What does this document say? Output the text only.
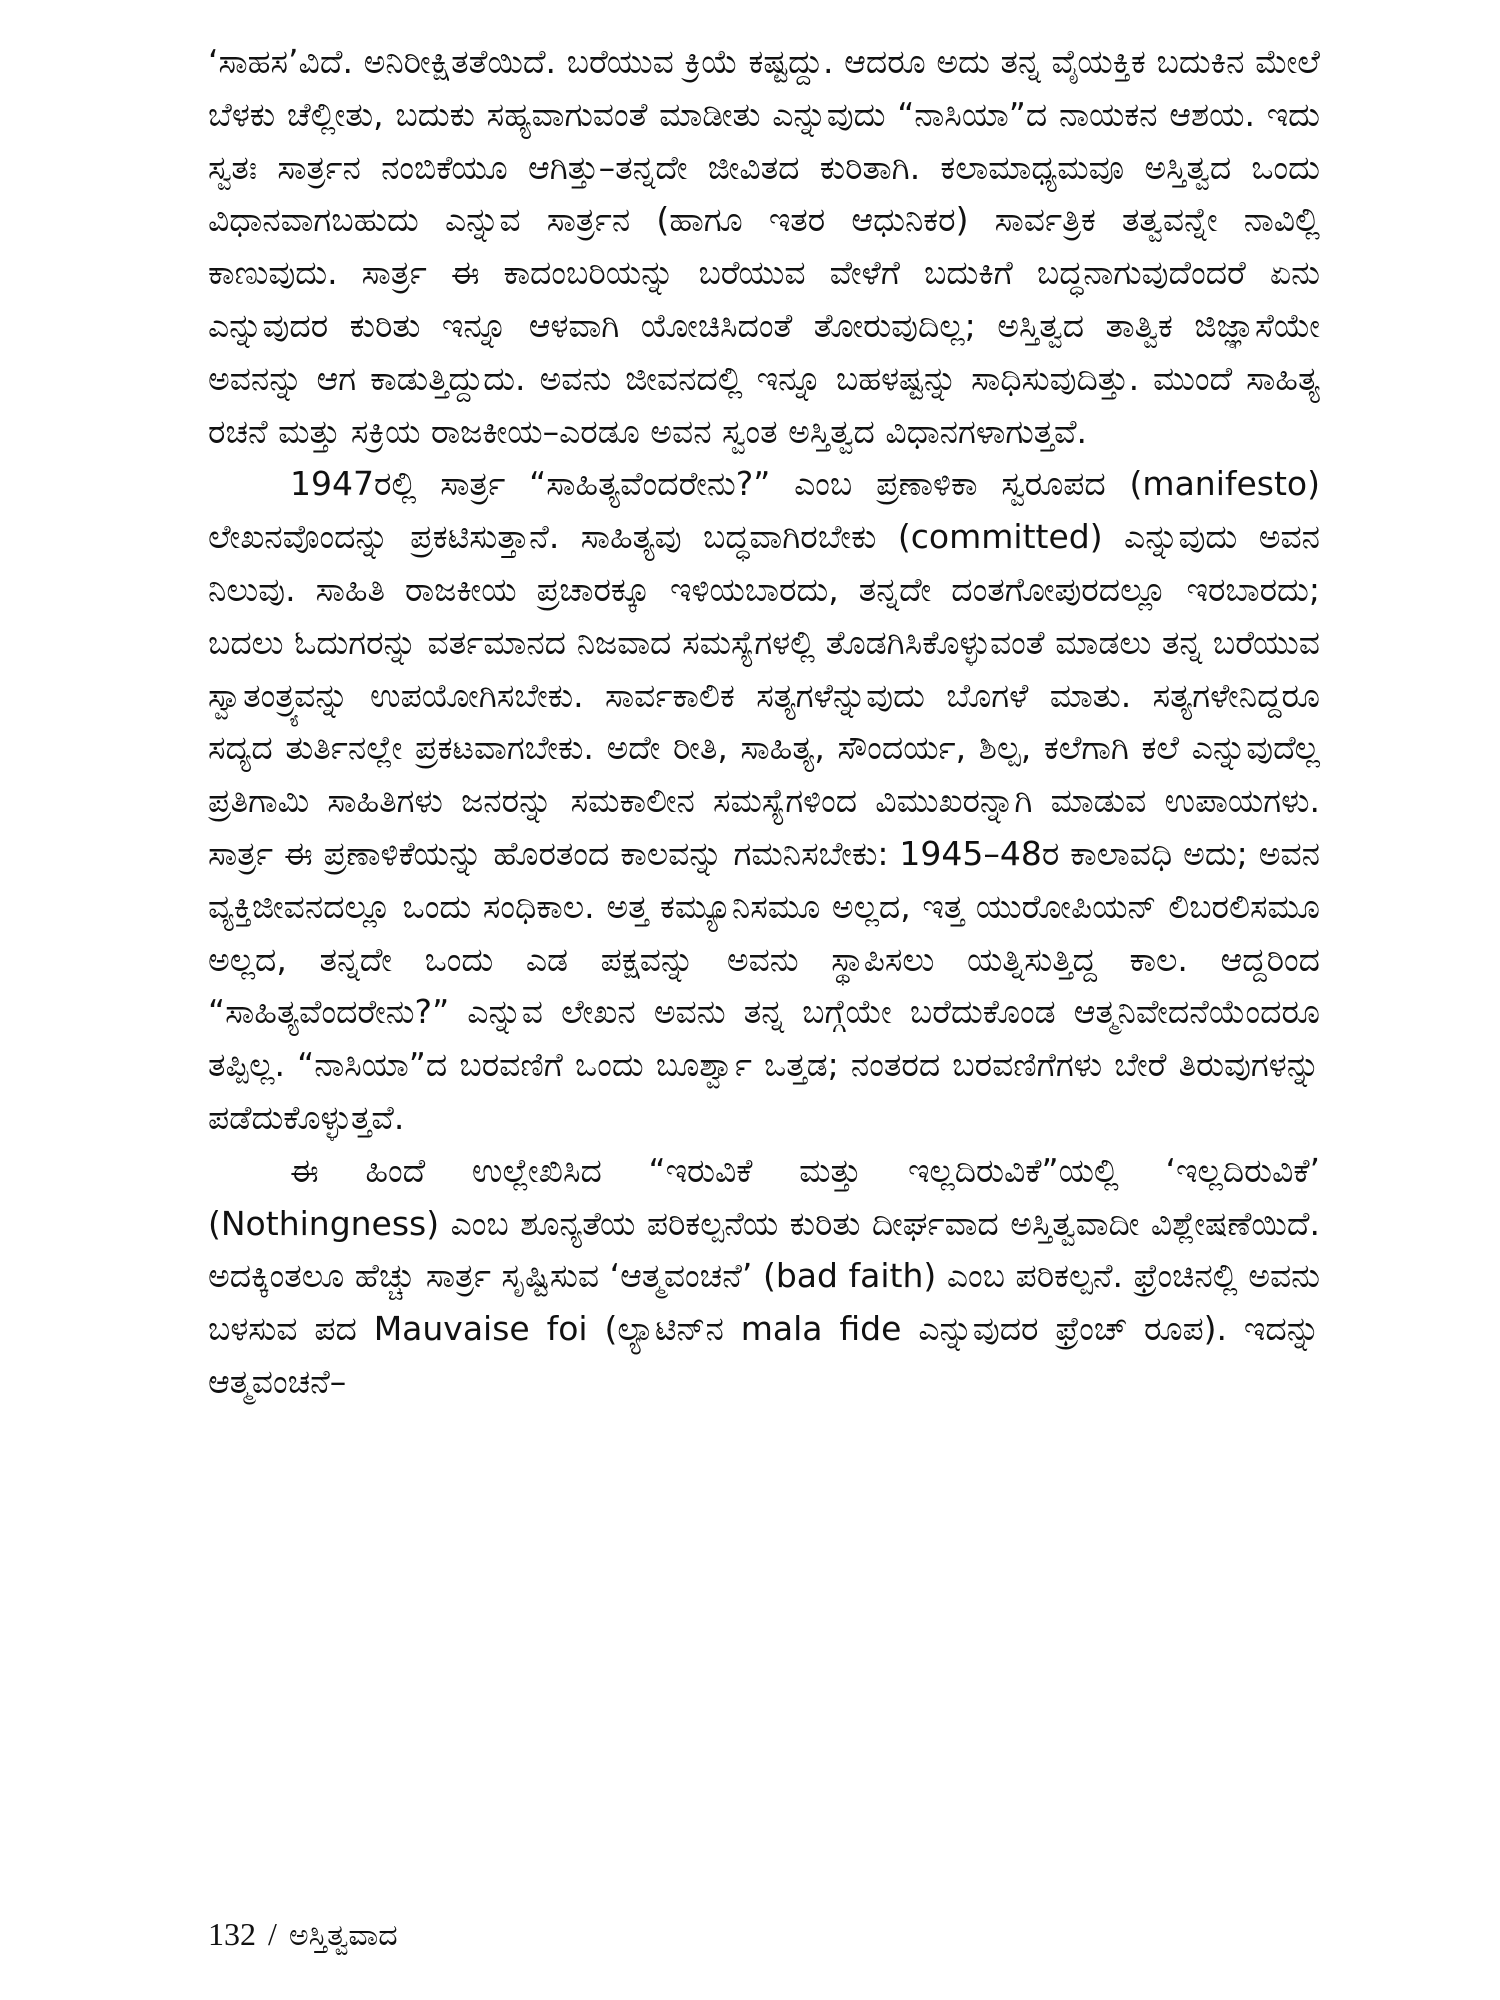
‘ಸಾಹಸ’ವಿದೆ. ಅನಿರೀಕ್ಷಿತತೆಯಿದೆ. ಬರೆಯುವ ಕ್ರಿಯೆ ಕಷ್ಟದ್ದು. ಆದರೂ ಅದು ತನ್ನ ವೈಯಕ್ತಿಕ ಬದುಕಿನ ಮೇಲೆ ಬೆಳಕು ಚೆಲ್ಲೀತು, ಬದುಕು ಸಹ್ಯವಾಗುವಂತೆ ಮಾಡೀತು ಎನ್ನುವುದು “ನಾಸಿಯಾ”ದ ನಾಯಕನ ಆಶಯ. ಇದು ಸ್ವತಃ ಸಾರ್ತ್ರನ ನಂಬಿಕೆಯೂ ಆಗಿತ್ತು–ತನ್ನದೇ ಜೀವಿತದ ಕುರಿತಾಗಿ. ಕಲಾಮಾಧ್ಯಮವೂ ಅಸ್ತಿತ್ವದ ಒಂದು ವಿಧಾನವಾಗಬಹುದು ಎನ್ನುವ ಸಾರ್ತ್ರನ (ಹಾಗೂ ಇತರ ಆಧುನಿಕರ) ಸಾರ್ವತ್ರಿಕ ತತ್ವವನ್ನೇ ನಾವಿಲ್ಲಿ ಕಾಣುವುದು. ಸಾರ್ತ್ರ ಈ ಕಾದಂಬರಿಯನ್ನು ಬರೆಯುವ ವೇಳೆಗೆ ಬದುಕಿಗೆ ಬದ್ಧನಾಗುವುದೆಂದರೆ ಏನು ಎನ್ನುವುದರ ಕುರಿತು ಇನ್ನೂ ಆಳವಾಗಿ ಯೋಚಿಸಿದಂತೆ ತೋರುವುದಿಲ್ಲ; ಅಸ್ತಿತ್ವದ ತಾತ್ವಿಕ ಜಿಜ್ಞಾಸೆಯೇ ಅವನನ್ನು ಆಗ ಕಾಡುತ್ತಿದ್ದುದು. ಅವನು ಜೀವನದಲ್ಲಿ ಇನ್ನೂ ಬಹಳಷ್ಟನ್ನು ಸಾಧಿಸುವುದಿತ್ತು. ಮುಂದೆ ಸಾಹಿತ್ಯ ರಚನೆ ಮತ್ತು ಸಕ್ರಿಯ ರಾಜಕೀಯ–ಎರಡೂ ಅವನ ಸ್ವಂತ ಅಸ್ತಿತ್ವದ ವಿಧಾನಗಳಾಗುತ್ತವೆ.

1947ರಲ್ಲಿ ಸಾರ್ತ್ರ “ಸಾಹಿತ್ಯವೆಂದರೇನು?” ಎಂಬ ಪ್ರಣಾಳಿಕಾ ಸ್ವರೂಪದ (manifesto) ಲೇಖನವೊಂದನ್ನು ಪ್ರಕಟಿಸುತ್ತಾನೆ. ಸಾಹಿತ್ಯವು ಬದ್ಧವಾಗಿರಬೇಕು (committed) ಎನ್ನುವುದು ಅವನ ನಿಲುವು. ಸಾಹಿತಿ ರಾಜಕೀಯ ಪ್ರಚಾರಕ್ಕೂ ಇಳಿಯಬಾರದು, ತನ್ನದೇ ದಂತಗೋಪುರದಲ್ಲೂ ಇರಬಾರದು; ಬದಲು ಓದುಗರನ್ನು ವರ್ತಮಾನದ ನಿಜವಾದ ಸಮಸ್ಯೆಗಳಲ್ಲಿ ತೊಡಗಿಸಿಕೊಳ್ಳುವಂತೆ ಮಾಡಲು ತನ್ನ ಬರೆಯುವ ಸ್ವಾತಂತ್ರ್ಯವನ್ನು ಉಪಯೋಗಿಸಬೇಕು. ಸಾರ್ವಕಾಲಿಕ ಸತ್ಯಗಳೆನ್ನುವುದು ಬೊಗಳೆ ಮಾತು. ಸತ್ಯಗಳೇನಿದ್ದರೂ ಸದ್ಯದ ತುರ್ತಿನಲ್ಲೇ ಪ್ರಕಟವಾಗಬೇಕು. ಅದೇ ರೀತಿ, ಸಾಹಿತ್ಯ, ಸೌಂದರ್ಯ, ಶಿಲ್ಪ, ಕಲೆಗಾಗಿ ಕಲೆ ಎನ್ನುವುದೆಲ್ಲ ಪ್ರತಿಗಾಮಿ ಸಾಹಿತಿಗಳು ಜನರನ್ನು ಸಮಕಾಲೀನ ಸಮಸ್ಯೆಗಳಿಂದ ವಿಮುಖರನ್ನಾಗಿ ಮಾಡುವ ಉಪಾಯಗಳು. ಸಾರ್ತ್ರ ಈ ಪ್ರಣಾಳಿಕೆಯನ್ನು ಹೊರತಂದ ಕಾಲವನ್ನು ಗಮನಿಸಬೇಕು: 1945–48ರ ಕಾಲಾವಧಿ ಅದು; ಅವನ ವ್ಯಕ್ತಿಜೀವನದಲ್ಲೂ ಒಂದು ಸಂಧಿಕಾಲ. ಅತ್ತ ಕಮ್ಯೂನಿಸಮೂ ಅಲ್ಲದ, ಇತ್ತ ಯುರೋಪಿಯನ್ ಲಿಬರಲಿಸಮೂ ಅಲ್ಲದ, ತನ್ನದೇ ಒಂದು ಎಡ ಪಕ್ಷವನ್ನು ಅವನು ಸ್ಥಾಪಿಸಲು ಯತ್ನಿಸುತ್ತಿದ್ದ ಕಾಲ. ಆದ್ದರಿಂದ “ಸಾಹಿತ್ಯವೆಂದರೇನು?” ಎನ್ನುವ ಲೇಖನ ಅವನು ತನ್ನ ಬಗ್ಗೆಯೇ ಬರೆದುಕೊಂಡ ಆತ್ಮನಿವೇದನೆಯೆಂದರೂ ತಪ್ಪಿಲ್ಲ. “ನಾಸಿಯಾ”ದ ಬರವಣಿಗೆ ಒಂದು ಬೂರ್ಶ್ವಾ ಒತ್ತಡ; ನಂತರದ ಬರವಣಿಗೆಗಳು ಬೇರೆ ತಿರುವುಗಳನ್ನು ಪಡೆದುಕೊಳ್ಳುತ್ತವೆ.

ಈ ಹಿಂದೆ ಉಲ್ಲೇಖಿಸಿದ “ಇರುವಿಕೆ ಮತ್ತು ಇಲ್ಲದಿರುವಿಕೆ”ಯಲ್ಲಿ ‘ಇಲ್ಲದಿರುವಿಕೆ’ (Nothingness) ಎಂಬ ಶೂನ್ಯತೆಯ ಪರಿಕಲ್ಪನೆಯ ಕುರಿತು ದೀರ್ಘವಾದ ಅಸ್ತಿತ್ವವಾದೀ ವಿಶ್ಲೇಷಣೆಯಿದೆ. ಅದಕ್ಕಿಂತಲೂ ಹೆಚ್ಚು ಸಾರ್ತ್ರ ಸೃಷ್ಟಿಸುವ ‘ಆತ್ಮವಂಚನೆ’ (bad faith) ಎಂಬ ಪರಿಕಲ್ಪನೆ. ಫ್ರೆಂಚಿನಲ್ಲಿ ಅವನು ಬಳಸುವ ಪದ Mauvaise foi (ಲ್ಯಾಟಿನ್‌ನ mala fide ಎನ್ನುವುದರ ಫ್ರೆಂಚ್ ರೂಪ). ಇದನ್ನು ಆತ್ಮವಂಚನೆ–

132 / ಅಸ್ತಿತ್ವವಾದ
